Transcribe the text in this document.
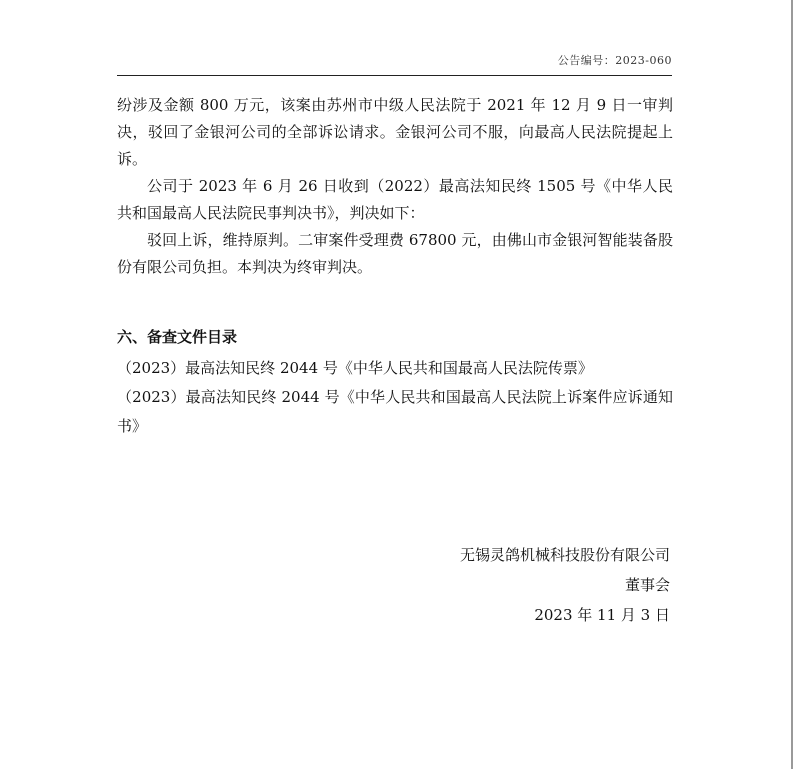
公告编号：2023-060

纷涉及金额 800 万元，该案由苏州市中级人民法院于 2021 年 12 月 9 日一审判决，驳回了金银河公司的全部诉讼请求。金银河公司不服，向最高人民法院提起上诉。

公司于 2023 年 6 月 26 日收到（2022）最高法知民终 1505 号《中华人民共和国最高人民法院民事判决书》，判决如下：

驳回上诉，维持原判。二审案件受理费 67800 元，由佛山市金银河智能装备股份有限公司负担。本判决为终审判决。

六、备查文件目录

（2023）最高法知民终 2044 号《中华人民共和国最高人民法院传票》

（2023）最高法知民终 2044 号《中华人民共和国最高人民法院上诉案件应诉通知书》

无锡灵鸽机械科技股份有限公司
董事会
2023 年 11 月 3 日
